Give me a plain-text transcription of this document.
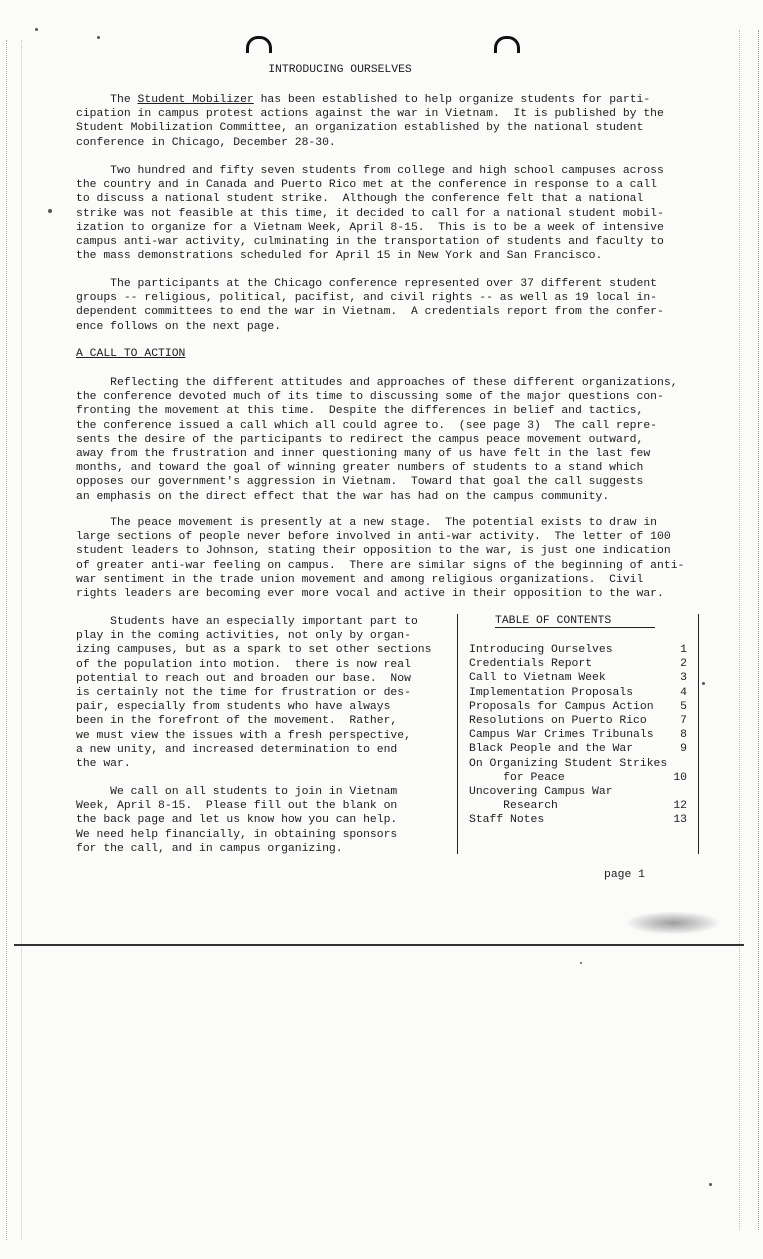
INTRODUCING OURSELVES
The Student Mobilizer has been established to help organize students for parti-
cipation in campus protest actions against the war in Vietnam.  It is published by the
Student Mobilization Committee, an organization established by the national student
conference in Chicago, December 28-30.
Two hundred and fifty seven students from college and high school campuses across
the country and in Canada and Puerto Rico met at the conference in response to a call
to discuss a national student strike.  Although the conference felt that a national
strike was not feasible at this time, it decided to call for a national student mobil-
ization to organize for a Vietnam Week, April 8-15.  This is to be a week of intensive
campus anti-war activity, culminating in the transportation of students and faculty to
the mass demonstrations scheduled for April 15 in New York and San Francisco.
The participants at the Chicago conference represented over 37 different student
groups -- religious, political, pacifist, and civil rights -- as well as 19 local in-
dependent committees to end the war in Vietnam.  A credentials report from the confer-
ence follows on the next page.
A CALL TO ACTION
Reflecting the different attitudes and approaches of these different organizations,
the conference devoted much of its time to discussing some of the major questions con-
fronting the movement at this time.  Despite the differences in belief and tactics,
the conference issued a call which all could agree to.  (see page 3)  The call repre-
sents the desire of the participants to redirect the campus peace movement outward,
away from the frustration and inner questioning many of us have felt in the last few
months, and toward the goal of winning greater numbers of students to a stand which
opposes our government's aggression in Vietnam.  Toward that goal the call suggests
an emphasis on the direct effect that the war has had on the campus community.
The peace movement is presently at a new stage.  The potential exists to draw in
large sections of people never before involved in anti-war activity.  The letter of 100
student leaders to Johnson, stating their opposition to the war, is just one indication
of greater anti-war feeling on campus.  There are similar signs of the beginning of anti-
war sentiment in the trade union movement and among religious organizations.  Civil
rights leaders are becoming ever more vocal and active in their opposition to the war.
Students have an especially important part to
play in the coming activities, not only by organ-
izing campuses, but as a spark to set other sections
of the population into motion.  there is now real
potential to reach out and broaden our base.  Now
is certainly not the time for frustration or des-
pair, especially from students who have always
been in the forefront of the movement.  Rather,
we must view the issues with a fresh perspective,
a new unity, and increased determination to end
the war.
We call on all students to join in Vietnam
Week, April 8-15.  Please fill out the blank on
the back page and let us know how you can help.
We need help financially, in obtaining sponsors
for the call, and in campus organizing.
TABLE OF CONTENTS
Introducing Ourselves	1
Credentials Report	2
Call to Vietnam Week	3
Implementation Proposals	4
Proposals for Campus Action 5
Resolutions on Puerto Rico	7
Campus War Crimes Tribunals 8
Black People and the War	9
On Organizing Student Strikes
for Peace	10
Uncovering Campus War
Research	12
Staff Notes	13
page 1
